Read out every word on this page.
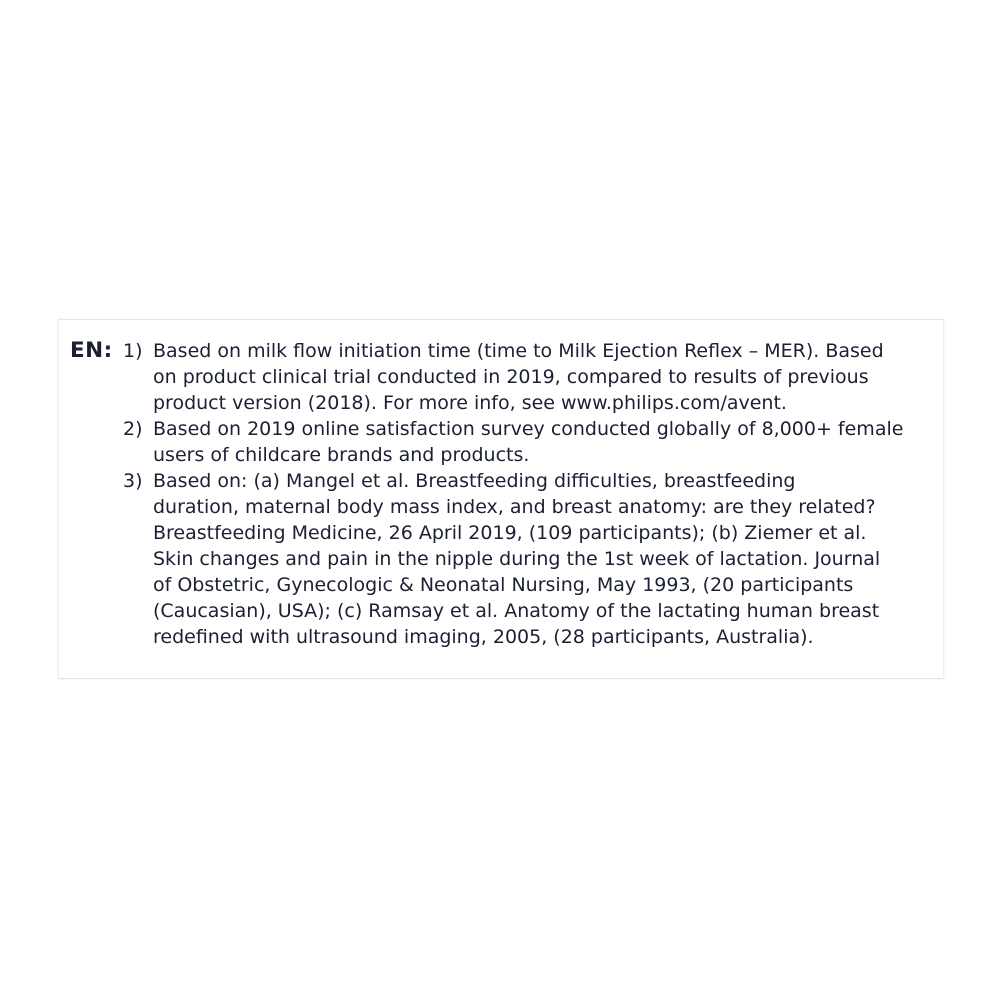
EN: 1) Based on milk flow initiation time (time to Milk Ejection Reflex – MER). Based
on product clinical trial conducted in 2019, compared to results of previous
product version (2018). For more info, see www.philips.com/avent.
2) Based on 2019 online satisfaction survey conducted globally of 8,000+ female
users of childcare brands and products.
3) Based on: (a) Mangel et al. Breastfeeding difficulties, breastfeeding
duration, maternal body mass index, and breast anatomy: are they related?
Breastfeeding Medicine, 26 April 2019, (109 participants); (b) Ziemer et al.
Skin changes and pain in the nipple during the 1st week of lactation. Journal
of Obstetric, Gynecologic & Neonatal Nursing, May 1993, (20 participants
(Caucasian), USA); (c) Ramsay et al. Anatomy of the lactating human breast
redefined with ultrasound imaging, 2005, (28 participants, Australia).
